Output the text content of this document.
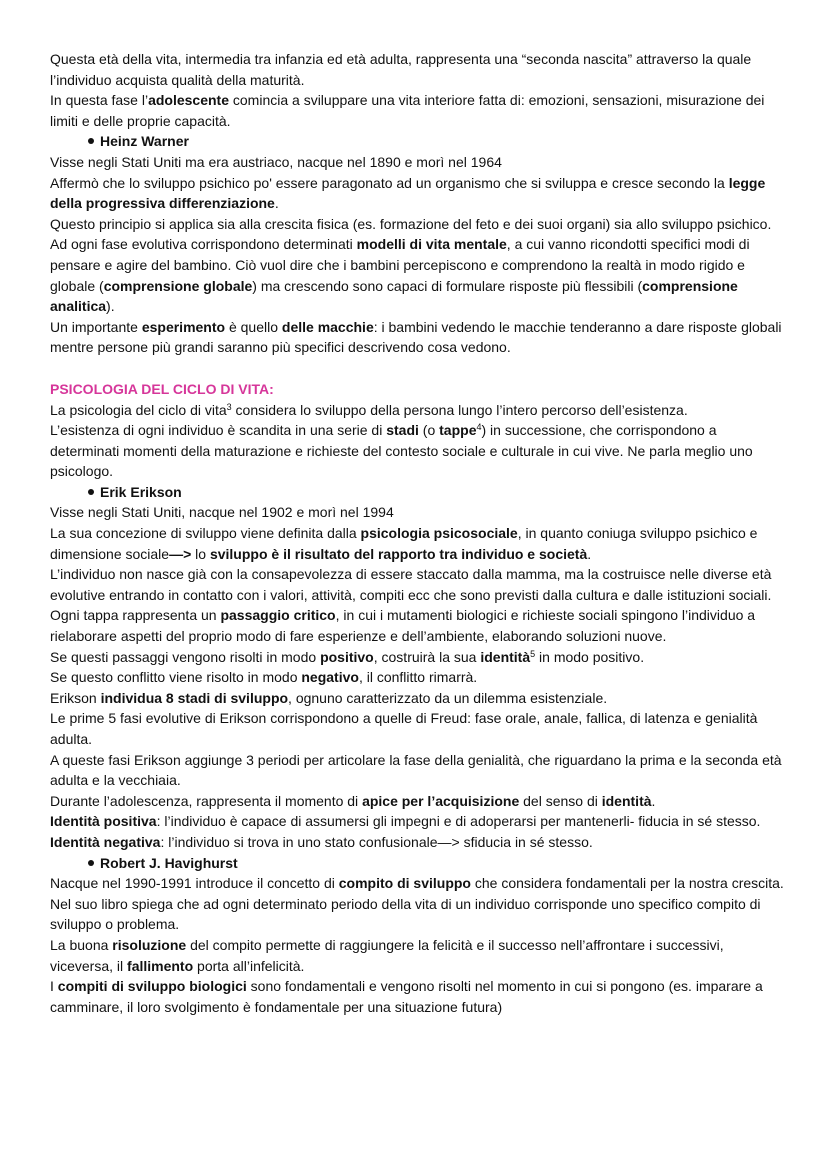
Questa età della vita, intermedia tra infanzia ed età adulta, rappresenta una “seconda nascita” attraverso la quale l’individuo acquista qualità della maturità.

In questa fase l’adolescente comincia a sviluppare una vita interiore fatta di: emozioni, sensazioni, misurazione dei limiti e delle proprie capacità.

Heinz Warner

Visse negli Stati Uniti ma era austriaco, nacque nel 1890 e morì nel 1964

Affermò che lo sviluppo psichico po' essere paragonato ad un organismo che si sviluppa e cresce secondo la legge della progressiva differenziazione.

Questo principio si applica sia alla crescita fisica (es. formazione del feto e dei suoi organi) sia allo sviluppo psichico.

Ad ogni fase evolutiva corrispondono determinati modelli di vita mentale, a cui vanno ricondotti specifici modi di pensare e agire del bambino. Ciò vuol dire che i bambini percepiscono e comprendono la realtà in modo rigido e globale (comprensione globale) ma crescendo sono capaci di formulare risposte più flessibili (comprensione analitica).

Un importante esperimento è quello delle macchie: i bambini vedendo le macchie tenderanno a dare risposte globali mentre persone più grandi saranno più specifici descrivendo cosa vedono.

PSICOLOGIA DEL CICLO DI VITA:

La psicologia del ciclo di vita$^3$ considera lo sviluppo della persona lungo l’intero percorso dell’esistenza.

L’esistenza di ogni individuo è scandita in una serie di stadi (o tappe$^4$) in successione, che corrispondono a determinati momenti della maturazione e richieste del contesto sociale e culturale in cui vive. Ne parla meglio uno psicologo.

Erik Erikson

Visse negli Stati Uniti, nacque nel 1902 e morì nel 1994

La sua concezione di sviluppo viene definita dalla psicologia psicosociale, in quanto coniuga sviluppo psichico e dimensione sociale—> lo sviluppo è il risultato del rapporto tra individuo e società.

L’individuo non nasce già con la consapevolezza di essere staccato dalla mamma, ma la costruisce nelle diverse età evolutive entrando in contatto con i valori, attività, compiti ecc che sono previsti dalla cultura e dalle istituzioni sociali.

Ogni tappa rappresenta un passaggio critico, in cui i mutamenti biologici e richieste sociali spingono l’individuo a rielaborare aspetti del proprio modo di fare esperienze e dell’ambiente, elaborando soluzioni nuove.

Se questi passaggi vengono risolti in modo positivo, costruirà la sua identità$^5$ in modo positivo.

Se questo conflitto viene risolto in modo negativo, il conflitto rimarrà.

Erikson individua 8 stadi di sviluppo, ognuno caratterizzato da un dilemma esistenziale.

Le prime 5 fasi evolutive di Erikson corrispondono a quelle di Freud: fase orale, anale, fallica, di latenza e genialità adulta.

A queste fasi Erikson aggiunge 3 periodi per articolare la fase della genialità, che riguardano la prima e la seconda età adulta e la vecchiaia.

Durante l’adolescenza, rappresenta il momento di apice per l’acquisizione del senso di identità.

Identità positiva: l’individuo è capace di assumersi gli impegni e di adoperarsi per mantenerli- fiducia in sé stesso.

Identità negativa: l’individuo si trova in uno stato confusionale—> sfiducia in sé stesso.

Robert J. Havighurst

Nacque nel 1990-1991 introduce il concetto di compito di sviluppo che considera fondamentali per la nostra crescita.

Nel suo libro spiega che ad ogni determinato periodo della vita di un individuo corrisponde uno specifico compito di sviluppo o problema.

La buona risoluzione del compito permette di raggiungere la felicità e il successo nell’affrontare i successivi, viceversa, il fallimento porta all’infelicità.

I compiti di sviluppo biologici sono fondamentali e vengono risolti nel momento in cui si pongono (es. imparare a camminare, il loro svolgimento è fondamentale per una situazione futura)
